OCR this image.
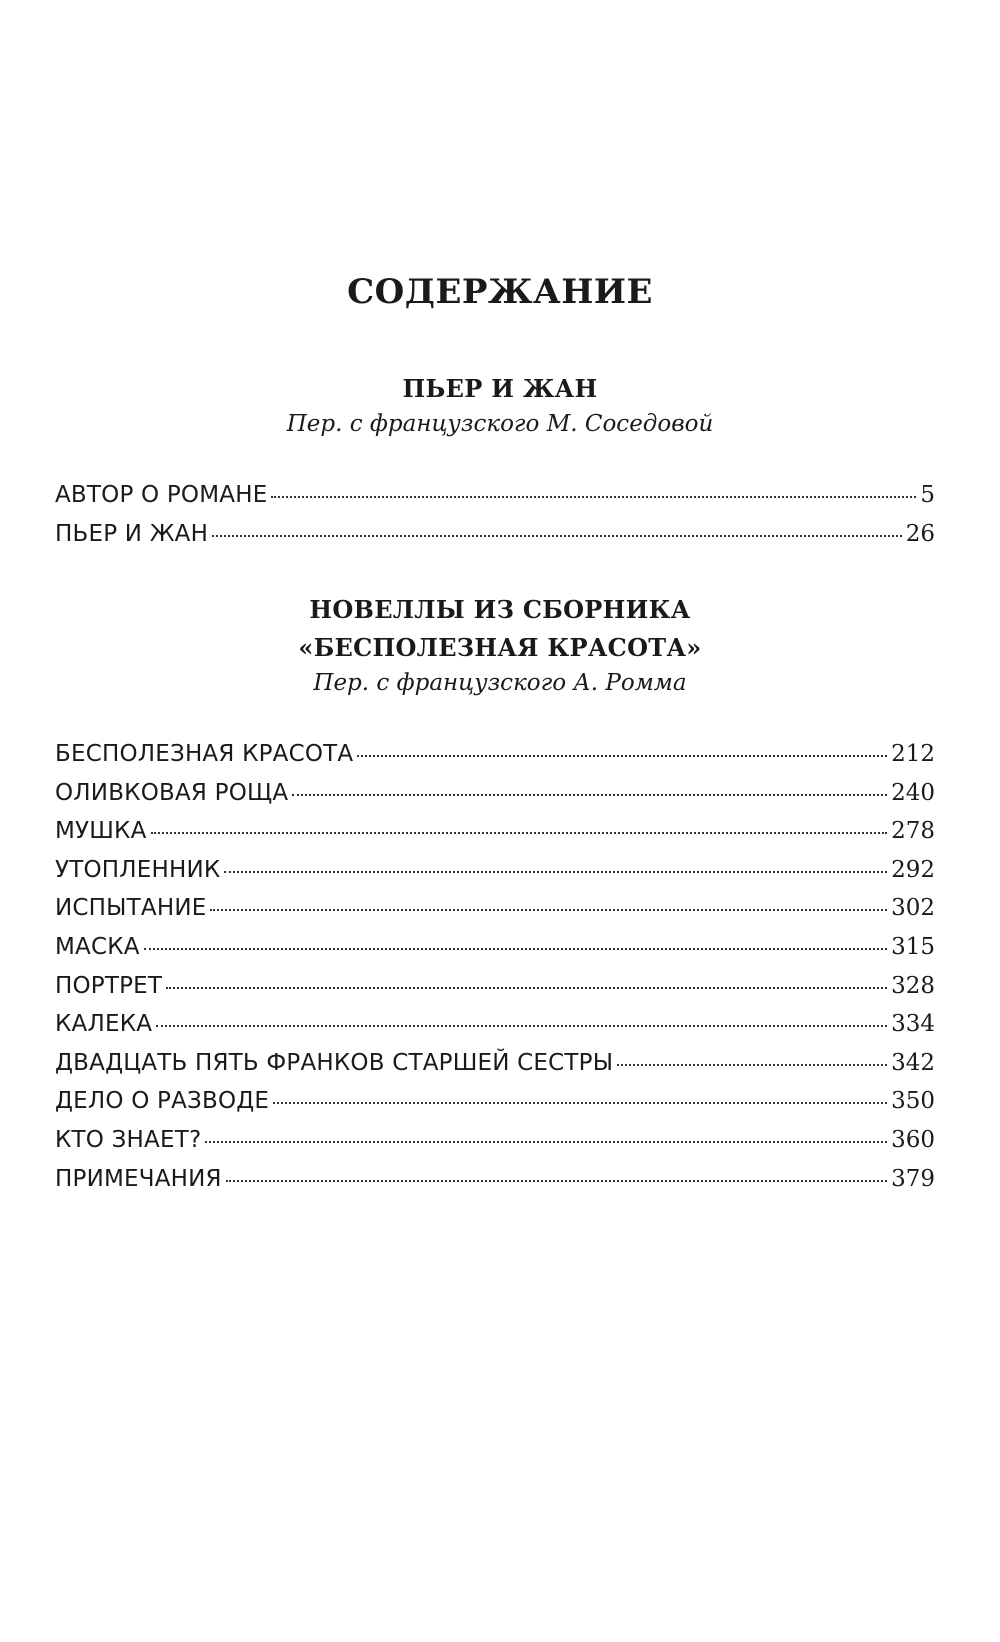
СОДЕРЖАНИЕ
ПЬЕР И ЖАН
Пер. с французского М. Соседовой
АВТОР О РОМАНЕ	5
ПЬЕР И ЖАН	26
НОВЕЛЛЫ ИЗ СБОРНИКА
«БЕСПОЛЕЗНАЯ КРАСОТА»
Пер. с французского А. Ромма
БЕСПОЛЕЗНАЯ КРАСОТА	212
ОЛИВКОВАЯ РОЩА	240
МУШКА	278
УТОПЛЕННИК	292
ИСПЫТАНИЕ	302
МАСКА	315
ПОРТРЕТ	328
КАЛЕКА	334
ДВАДЦАТЬ ПЯТЬ ФРАНКОВ СТАРШЕЙ СЕСТРЫ	342
ДЕЛО О РАЗВОДЕ	350
КТО ЗНАЕТ?	360
ПРИМЕЧАНИЯ	379
